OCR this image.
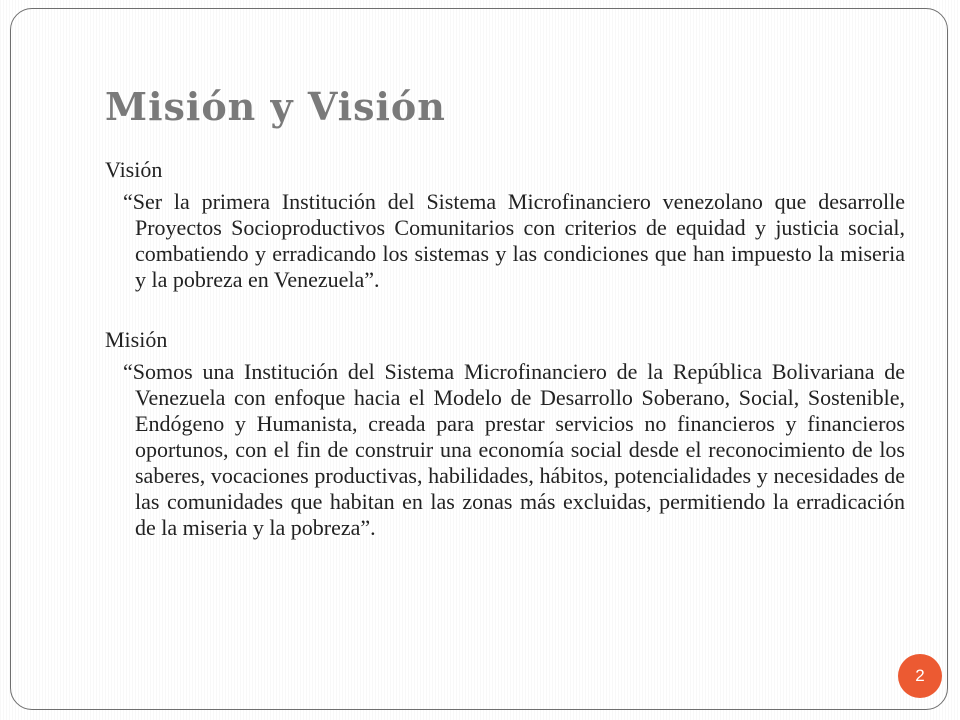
Misión y Visión

Visión

“Ser la primera Institución del Sistema Microfinanciero venezolano que desarrolle Proyectos Socioproductivos Comunitarios con criterios de equidad y justicia social, combatiendo y erradicando los sistemas y las condiciones que han impuesto la miseria y la pobreza en Venezuela”.

Misión

“Somos una Institución del Sistema Microfinanciero de la República Bolivariana de Venezuela con enfoque hacia el Modelo de Desarrollo Soberano, Social, Sostenible, Endógeno y Humanista, creada para prestar servicios no financieros y financieros oportunos, con el fin de construir una economía social desde el reconocimiento de los saberes, vocaciones productivas, habilidades, hábitos, potencialidades y necesidades de las comunidades que habitan en las zonas más excluidas, permitiendo la erradicación de la miseria y la pobreza”.

2
